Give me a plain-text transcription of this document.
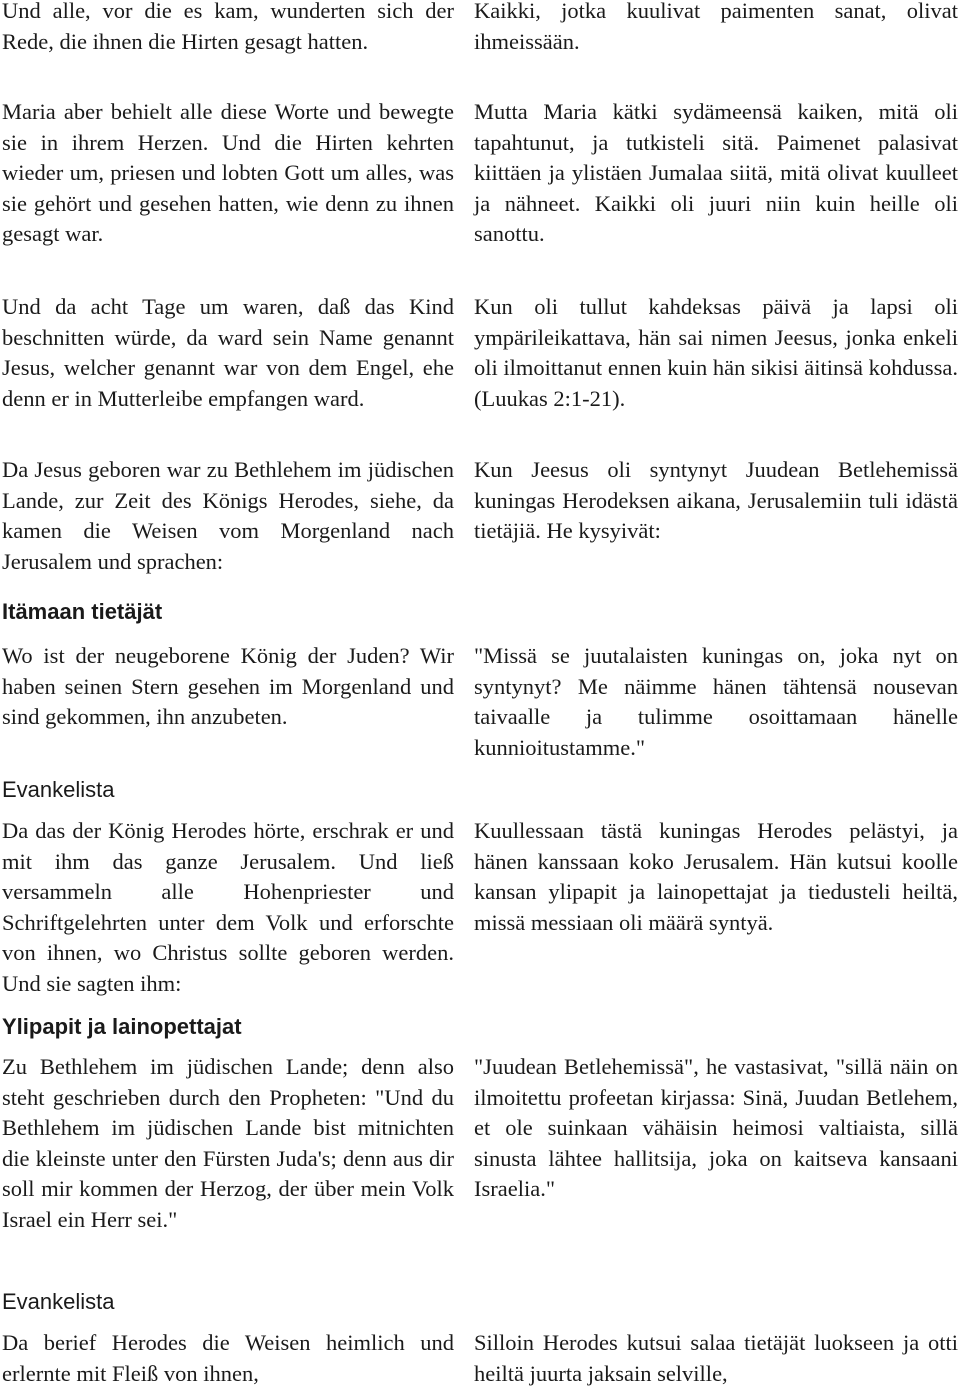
Und alle, vor die es kam, wunderten sich der Rede, die ihnen die Hirten gesagt hatten.

Kaikki, jotka kuulivat paimenten sanat, olivat ihmeissään.

Maria aber behielt alle diese Worte und bewegte sie in ihrem Herzen. Und die Hirten kehrten wieder um, priesen und lobten Gott um alles, was sie gehört und gesehen hatten, wie denn zu ihnen gesagt war.

Mutta Maria kätki sydämeensä kaiken, mitä oli tapahtunut, ja tutkisteli sitä. Paimenet palasivat kiittäen ja ylistäen Jumalaa siitä, mitä olivat kuulleet ja nähneet. Kaikki oli juuri niin kuin heille oli sanottu.

Und da acht Tage um waren, daß das Kind beschnitten würde, da ward sein Name genannt Jesus, welcher genannt war von dem Engel, ehe denn er in Mutterleibe empfangen ward.

Kun oli tullut kahdeksas päivä ja lapsi oli ympärileikattava, hän sai nimen Jeesus, jonka enkeli oli ilmoittanut ennen kuin hän sikisi äitinsä kohdussa. (Luukas 2:1-21).

Da Jesus geboren war zu Bethlehem im jüdischen Lande, zur Zeit des Königs Herodes, siehe, da kamen die Weisen vom Morgenland nach Jerusalem und sprachen:

Kun Jeesus oli syntynyt Juudean Betlehemissä kuningas Herodeksen aikana, Jerusalemiin tuli idästä tietäjiä. He kysyivät:

Itämaan tietäjät

Wo ist der neugeborene König der Juden? Wir haben seinen Stern gesehen im Morgenland und sind gekommen, ihn anzubeten.

"Missä se juutalaisten kuningas on, joka nyt on syntynyt? Me näimme hänen tähtensä nousevan taivaalle ja tulimme osoittamaan hänelle kunnioitustamme."

Evankelista

Da das der König Herodes hörte, erschrak er und mit ihm das ganze Jerusalem. Und ließ versammeln alle Hohenpriester und Schriftgelehrten unter dem Volk und erforschte von ihnen, wo Christus sollte geboren werden. Und sie sagten ihm:

Kuullessaan tästä kuningas Herodes pelästyi, ja hänen kanssaan koko Jerusalem. Hän kutsui koolle kansan ylipapit ja lainopettajat ja tiedusteli heiltä, missä messiaan oli määrä syntyä.

Ylipapit ja lainopettajat

Zu Bethlehem im jüdischen Lande; denn also steht geschrieben durch den Propheten: "Und du Bethlehem im jüdischen Lande bist mitnichten die kleinste unter den Fürsten Juda's; denn aus dir soll mir kommen der Herzog, der über mein Volk Israel ein Herr sei."

"Juudean Betlehemissä", he vastasivat, "sillä näin on ilmoitettu profeetan kirjassa: Sinä, Juudan Betlehem, et ole suinkaan vähäisin heimosi valtiaista, sillä sinusta lähtee hallitsija, joka on kaitseva kansaani Israelia."

Evankelista

Da berief Herodes die Weisen heimlich und erlernte mit Fleiß von ihnen,

Silloin Herodes kutsui salaa tietäjät luokseen ja otti heiltä juurta jaksain selville,
